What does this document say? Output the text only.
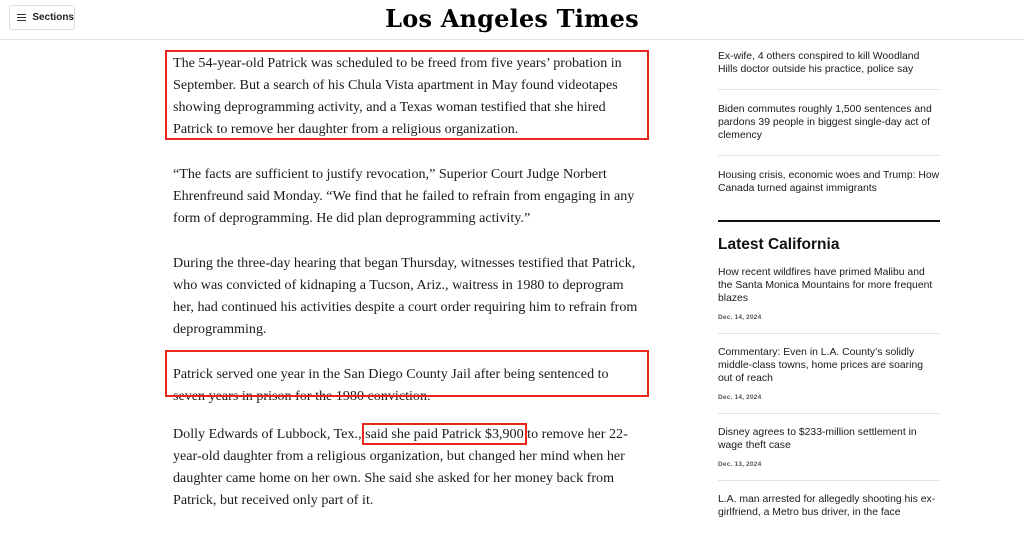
Sections	Los Angeles Times

The 54-year-old Patrick was scheduled to be freed from five years’ probation in September. But a search of his Chula Vista apartment in May found videotapes showing deprogramming activity, and a Texas woman testified that she hired Patrick to remove her daughter from a religious organization.

“The facts are sufficient to justify revocation,” Superior Court Judge Norbert Ehrenfreund said Monday. “We find that he failed to refrain from engaging in any form of deprogramming. He did plan deprogramming activity.”

During the three-day hearing that began Thursday, witnesses testified that Patrick, who was convicted of kidnaping a Tucson, Ariz., waitress in 1980 to deprogram her, had continued his activities despite a court order requiring him to refrain from deprogramming.

Patrick served one year in the San Diego County Jail after being sentenced to seven years in prison for the 1980 conviction.

Dolly Edwards of Lubbock, Tex., said she paid Patrick $3,900 to remove her 22-year-old daughter from a religious organization, but changed her mind when her daughter came home on her own. She said she asked for her money back from Patrick, but received only part of it.

Ex-wife, 4 others conspired to kill Woodland Hills doctor outside his practice, police say
Biden commutes roughly 1,500 sentences and pardons 39 people in biggest single-day act of clemency
Housing crisis, economic woes and Trump: How Canada turned against immigrants
Latest California
How recent wildfires have primed Malibu and the Santa Monica Mountains for more frequent blazes
Dec. 14, 2024
Commentary: Even in L.A. County’s solidly middle-class towns, home prices are soaring out of reach
Dec. 14, 2024
Disney agrees to $233-million settlement in wage theft case
Dec. 13, 2024
L.A. man arrested for allegedly shooting his ex-girlfriend, a Metro bus driver, in the face
